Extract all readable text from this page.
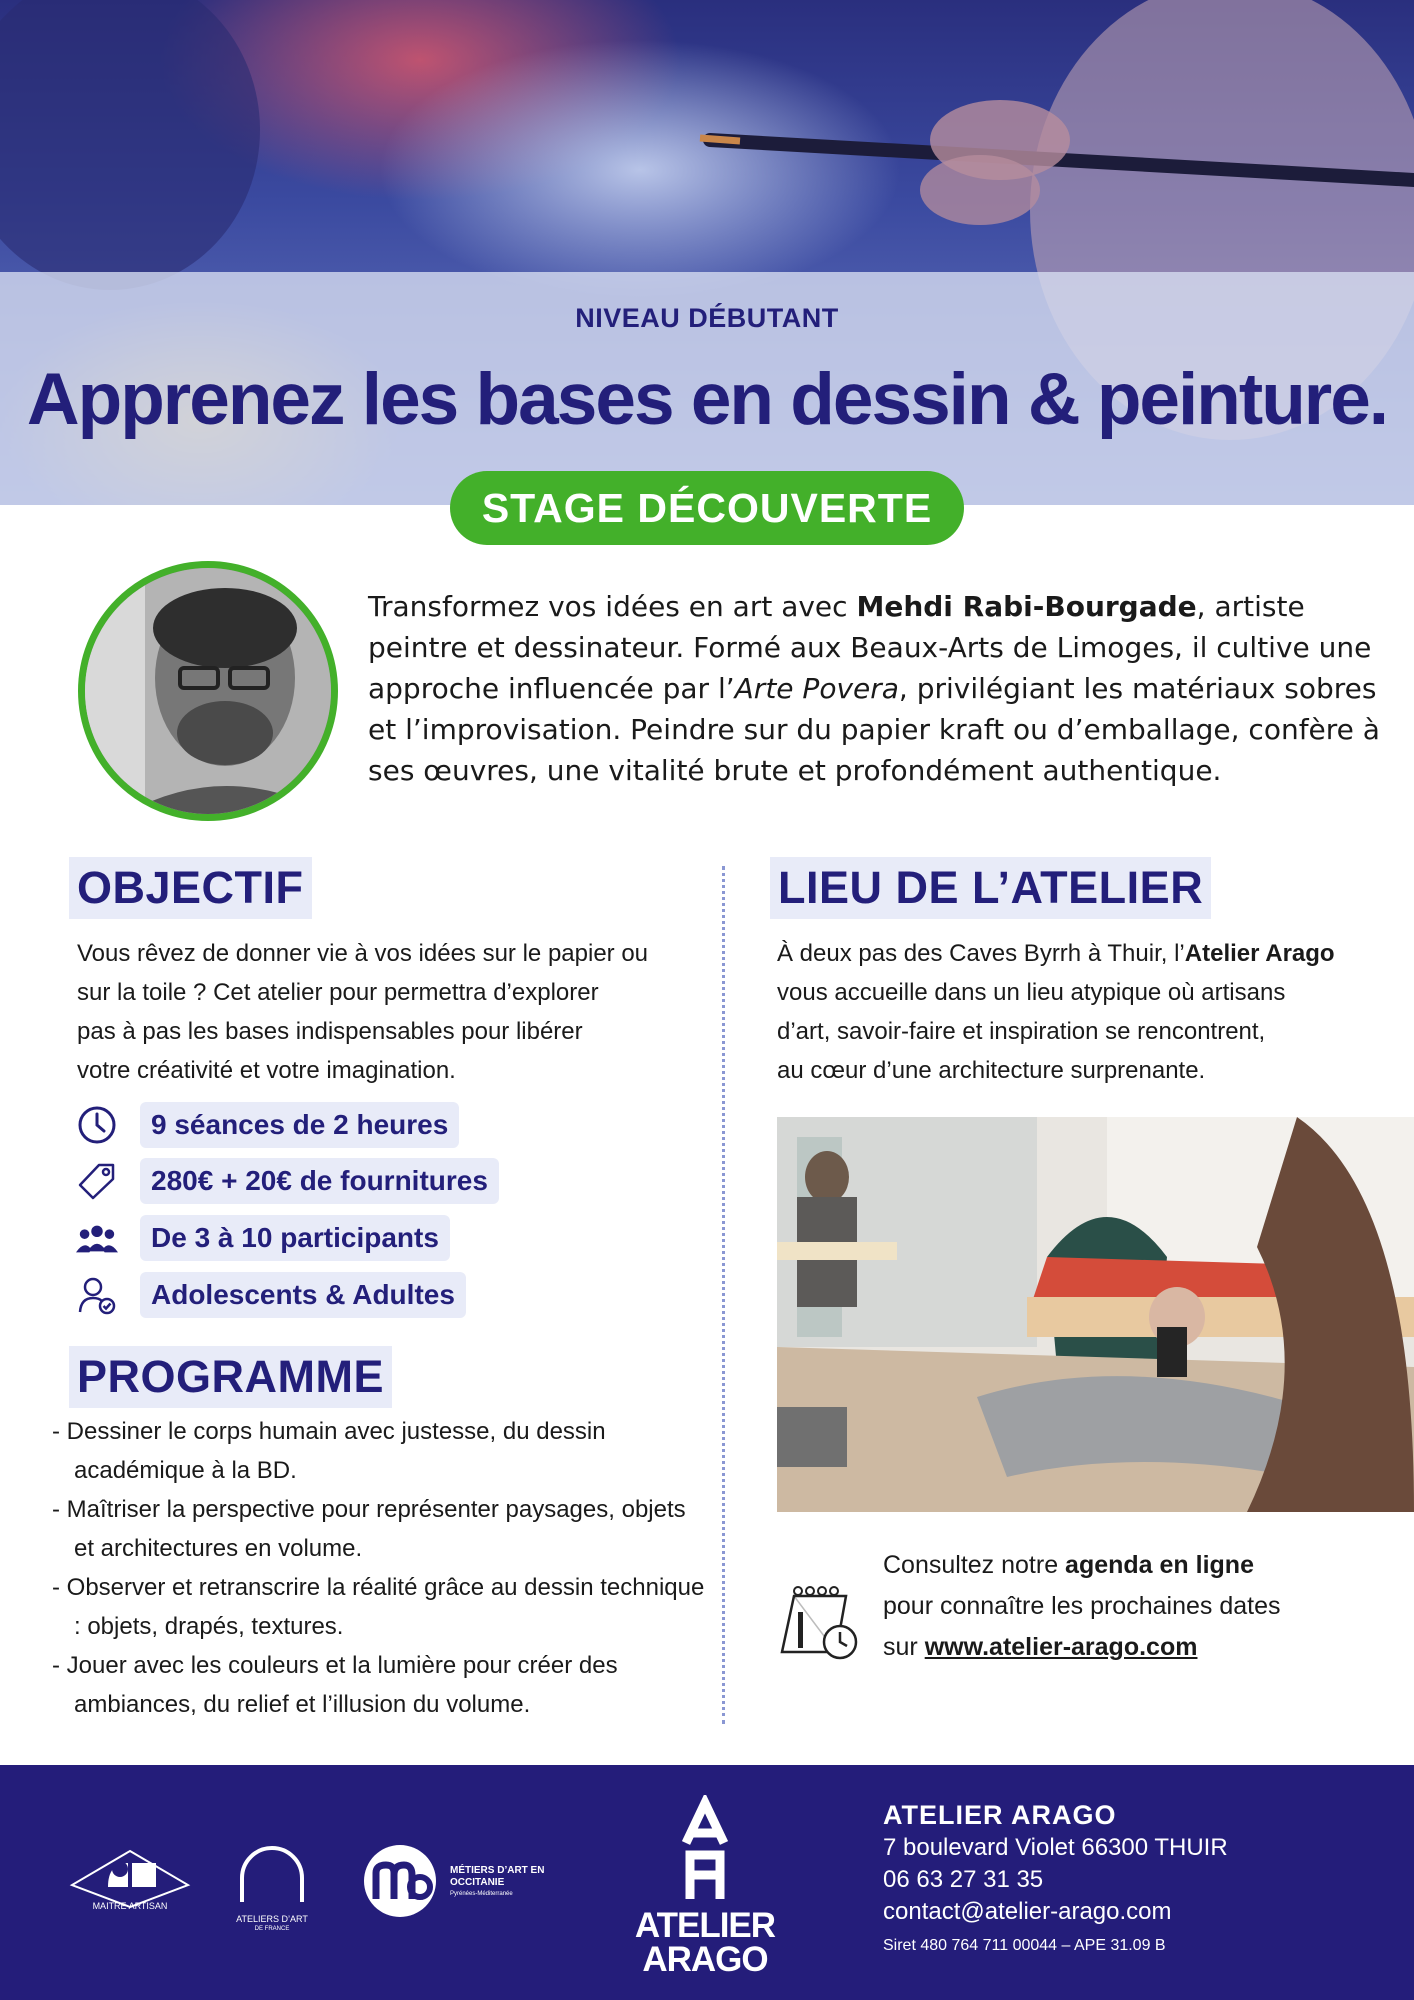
NIVEAU DÉBUTANT
Apprenez les bases en dessin & peinture.
STAGE DÉCOUVERTE

Transformez vos idées en art avec Mehdi Rabi-Bourgade, artiste peintre et dessinateur. Formé aux Beaux-Arts de Limoges, il cultive une approche influencée par l’Arte Povera, privilégiant les matériaux sobres et l’improvisation. Peindre sur du papier kraft ou d’emballage, confère à ses œuvres, une vitalité brute et profondément authentique.

OBJECTIF
Vous rêvez de donner vie à vos idées sur le papier ou
sur la toile ? Cet atelier pour permettra d’explorer
pas à pas les bases indispensables pour libérer
votre créativité et votre imagination.
9 séances de 2 heures
280€ + 20€ de fournitures
De 3 à 10 participants
Adolescents & Adultes
PROGRAMME
- Dessiner le corps humain avec justesse, du dessin académique à la BD.
- Maîtriser la perspective pour représenter paysages, objets et architectures en volume.
- Observer et retranscrire la réalité grâce au dessin technique : objets, drapés, textures.
- Jouer avec les couleurs et la lumière pour créer des ambiances, du relief et l’illusion du volume.
LIEU DE L’ATELIER
À deux pas des Caves Byrrh à Thuir, l’Atelier Arago
vous accueille dans un lieu atypique où artisans
d’art, savoir-faire et inspiration se rencontrent,
au cœur d’une architecture surprenante.
Consultez notre agenda en ligne
pour connaître les prochaines dates
sur www.atelier-arago.com
MAITRE ARTISAN
ATELIERS D’ART
DE FRANCE
MÉTIERS D’ART EN OCCITANIE
Pyrénées-Méditerranée
ATELIER
ARAGO
ATELIER ARAGO
7 boulevard Violet 66300 THUIR
06 63 27 31 35
contact@atelier-arago.com
Siret 480 764 711 00044 – APE 31.09 B
